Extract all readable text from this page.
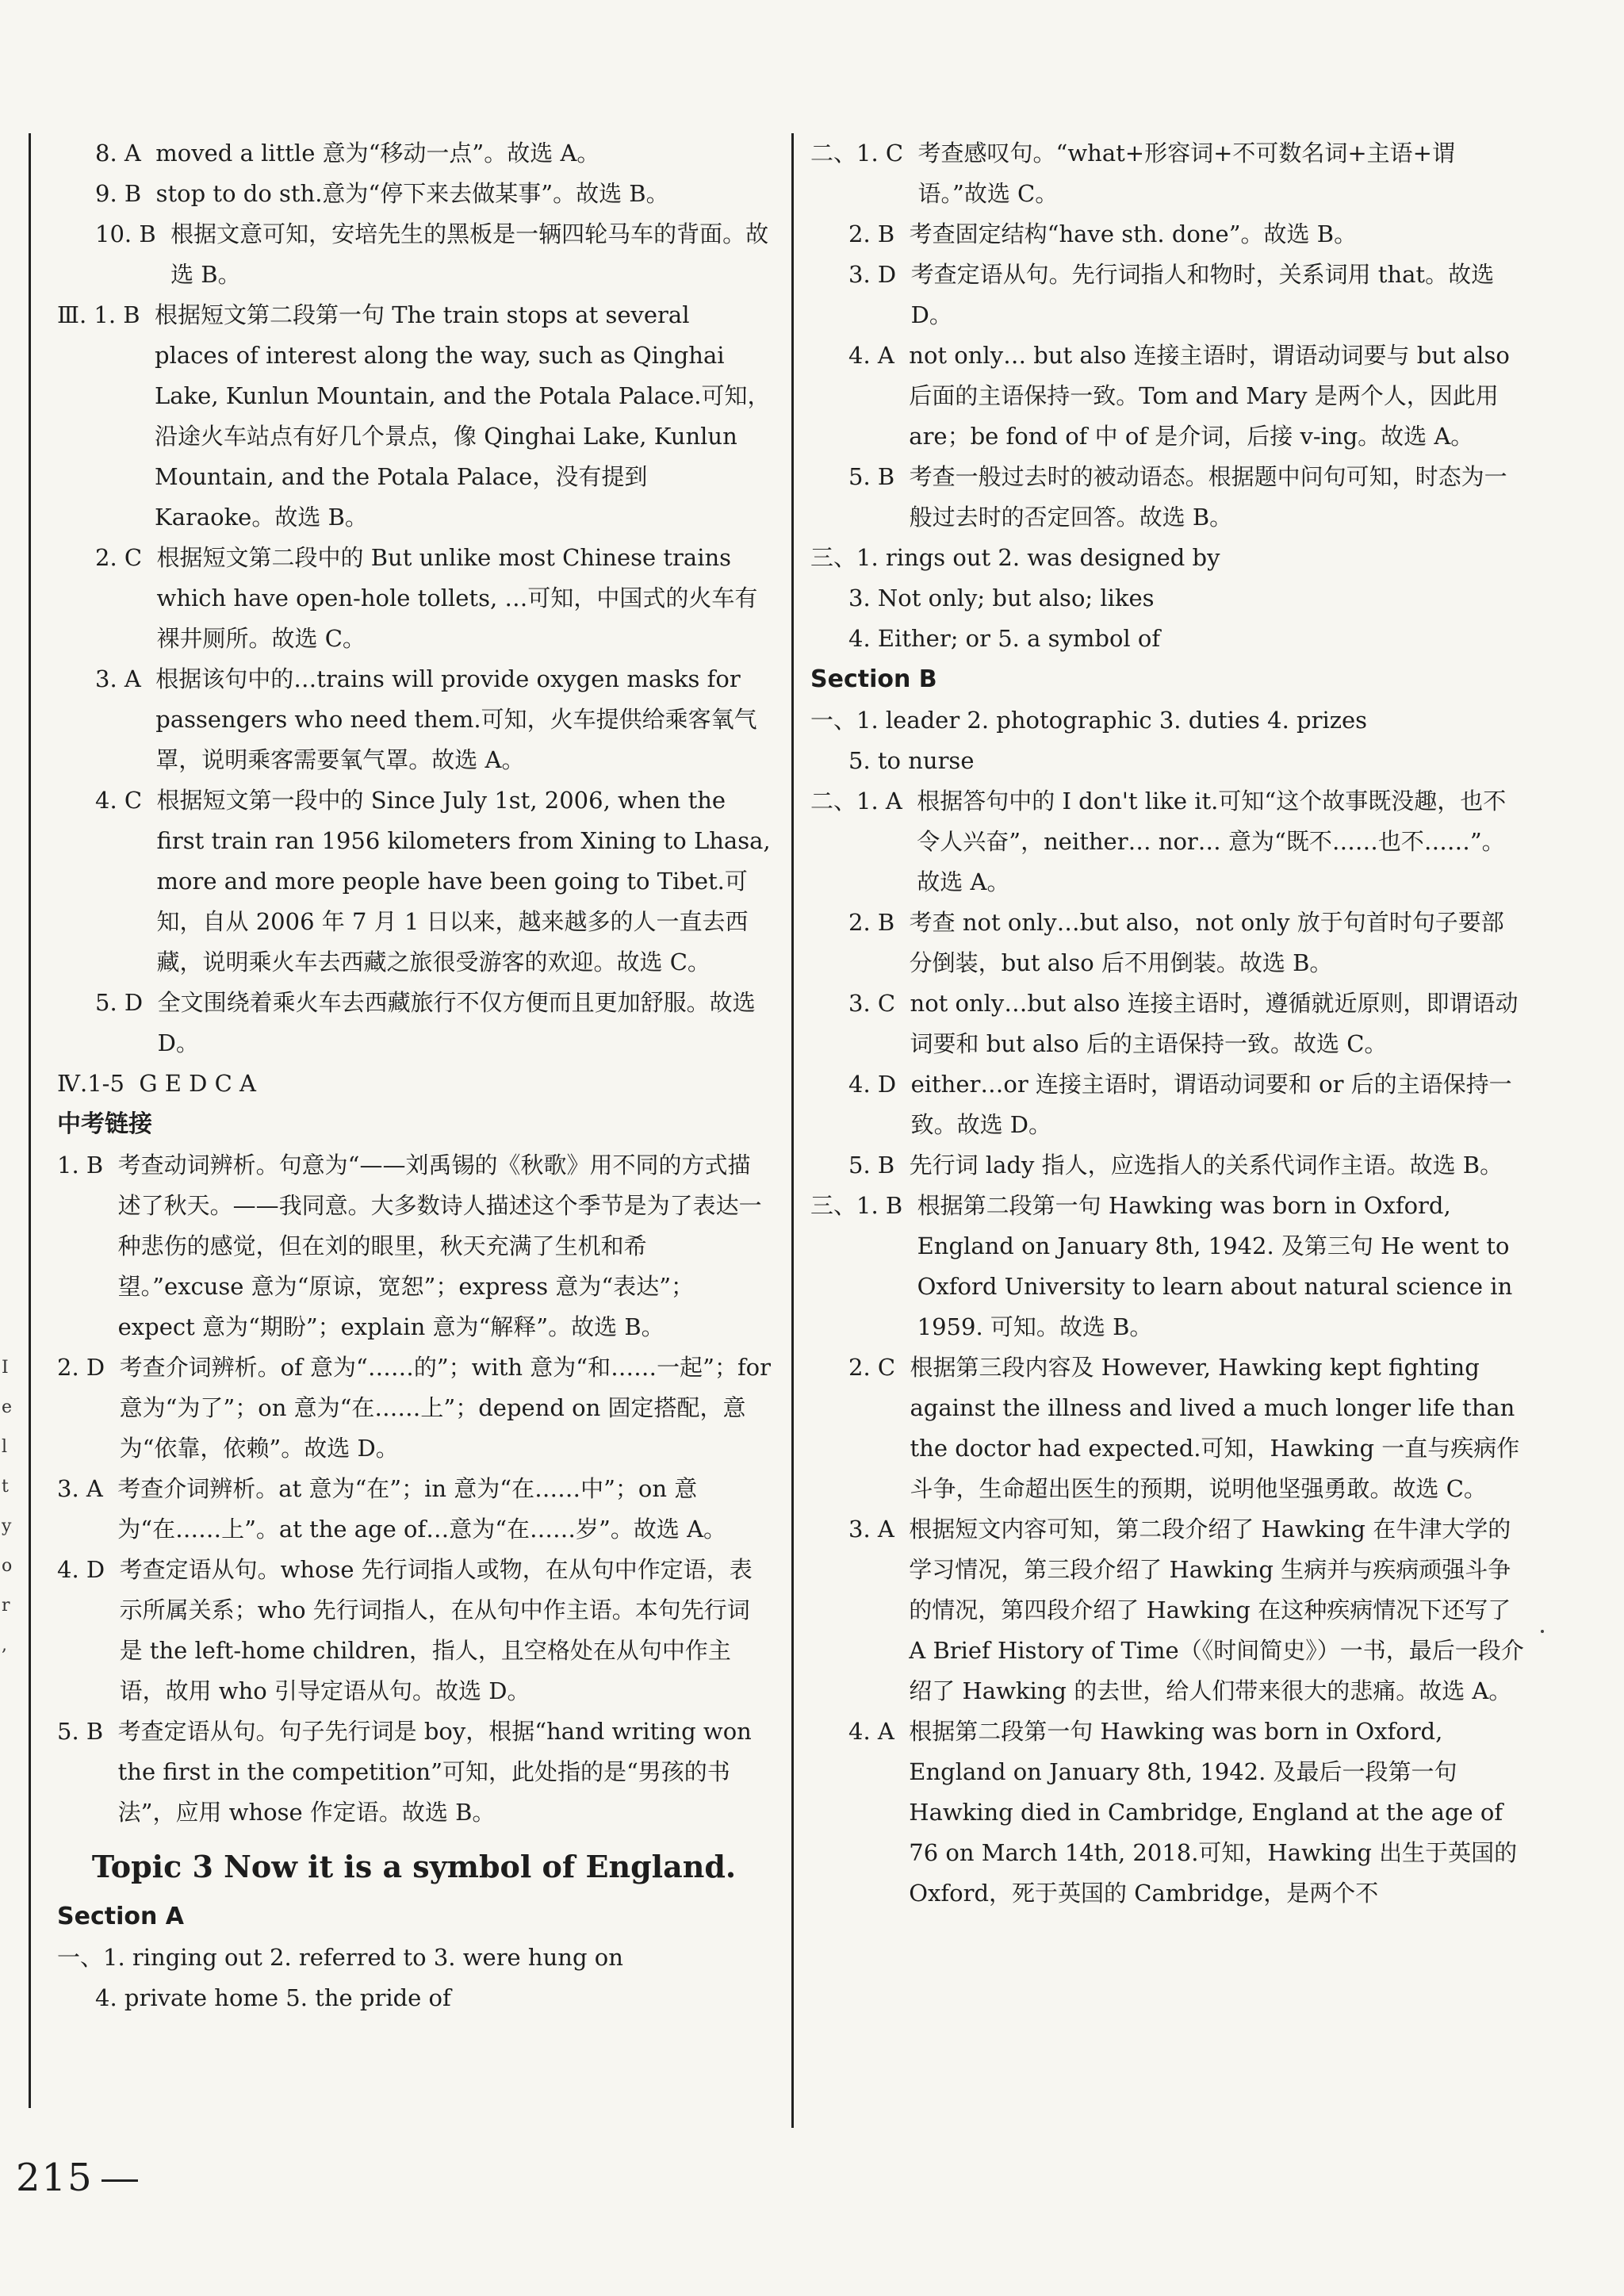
I
e
l
t
y
o
r
,
8. A moved a little 意为“移动一点”。故选 A。
9. B stop to do sth.意为“停下来去做某事”。故选 B。
10. B 根据文意可知，安培先生的黑板是一辆四轮马车的背面。故选 B。
Ⅲ. 1. B 根据短文第二段第一句 The train stops at several places of interest along the way, such as Qinghai Lake, Kunlun Mountain, and the Potala Palace.可知，沿途火车站点有好几个景点，像 Qinghai Lake, Kunlun Mountain, and the Potala Palace，没有提到 Karaoke。故选 B。
2. C 根据短文第二段中的 But unlike most Chinese trains which have open-hole tollets, …可知，中国式的火车有裸井厕所。故选 C。
3. A 根据该句中的…trains will provide oxygen masks for passengers who need them.可知，火车提供给乘客氧气罩，说明乘客需要氧气罩。故选 A。
4. C 根据短文第一段中的 Since July 1st, 2006, when the first train ran 1956 kilometers from Xining to Lhasa, more and more people have been going to Tibet.可知，自从 2006 年 7 月 1 日以来，越来越多的人一直去西藏，说明乘火车去西藏之旅很受游客的欢迎。故选 C。
5. D 全文围绕着乘火车去西藏旅行不仅方便而且更加舒服。故选 D。
Ⅳ.1-5 G E D C A
中考链接
1. B 考查动词辨析。句意为“——刘禹锡的《秋歌》用不同的方式描述了秋天。——我同意。大多数诗人描述这个季节是为了表达一种悲伤的感觉，但在刘的眼里，秋天充满了生机和希望。”excuse 意为“原谅，宽恕”；express 意为“表达”；expect 意为“期盼”；explain 意为“解释”。故选 B。
2. D 考查介词辨析。of 意为“……的”；with 意为“和……一起”；for 意为“为了”；on 意为“在……上”；depend on 固定搭配，意为“依靠，依赖”。故选 D。
3. A 考查介词辨析。at 意为“在”；in 意为“在……中”；on 意为“在……上”。at the age of…意为“在……岁”。故选 A。
4. D 考查定语从句。whose 先行词指人或物，在从句中作定语，表示所属关系；who 先行词指人，在从句中作主语。本句先行词是 the left-home children，指人，且空格处在从句中作主语，故用 who 引导定语从句。故选 D。
5. B 考查定语从句。句子先行词是 boy，根据“hand writing won the first in the competition”可知，此处指的是“男孩的书法”，应用 whose 作定语。故选 B。
Topic 3 Now it is a symbol of England.
Section A
一、1. ringing out 2. referred to 3. were hung on
4. private home 5. the pride of
二、1. C 考查感叹句。“what+形容词+不可数名词+主语+谓语。”故选 C。
2. B 考查固定结构“have sth. done”。故选 B。
3. D 考查定语从句。先行词指人和物时，关系词用 that。故选 D。
4. A not only… but also 连接主语时，谓语动词要与 but also 后面的主语保持一致。Tom and Mary 是两个人，因此用 are；be fond of 中 of 是介词，后接 v-ing。故选 A。
5. B 考查一般过去时的被动语态。根据题中问句可知，时态为一般过去时的否定回答。故选 B。
三、1. rings out 2. was designed by
3. Not only; but also; likes
4. Either; or 5. a symbol of
Section B
一、1. leader 2. photographic 3. duties 4. prizes
5. to nurse
二、1. A 根据答句中的 I don't like it.可知“这个故事既没趣，也不令人兴奋”，neither… nor… 意为“既不……也不……”。故选 A。
2. B 考查 not only…but also，not only 放于句首时句子要部分倒装，but also 后不用倒装。故选 B。
3. C not only…but also 连接主语时，遵循就近原则，即谓语动词要和 but also 后的主语保持一致。故选 C。
4. D either…or 连接主语时，谓语动词要和 or 后的主语保持一致。故选 D。
5. B 先行词 lady 指人，应选指人的关系代词作主语。故选 B。
三、1. B 根据第二段第一句 Hawking was born in Oxford, England on January 8th, 1942. 及第三句 He went to Oxford University to learn about natural science in 1959. 可知。故选 B。
2. C 根据第三段内容及 However, Hawking kept fighting against the illness and lived a much longer life than the doctor had expected.可知，Hawking 一直与疾病作斗争，生命超出医生的预期，说明他坚强勇敢。故选 C。
3. A 根据短文内容可知，第二段介绍了 Hawking 在牛津大学的学习情况，第三段介绍了 Hawking 生病并与疾病顽强斗争的情况，第四段介绍了 Hawking 在这种疾病情况下还写了 A Brief History of Time（《时间简史》）一书，最后一段介绍了 Hawking 的去世，给人们带来很大的悲痛。故选 A。
4. A 根据第二段第一句 Hawking was born in Oxford, England on January 8th, 1942. 及最后一段第一句 Hawking died in Cambridge, England at the age of 76 on March 14th, 2018.可知，Hawking 出生于英国的 Oxford，死于英国的 Cambridge，是两个不
215
